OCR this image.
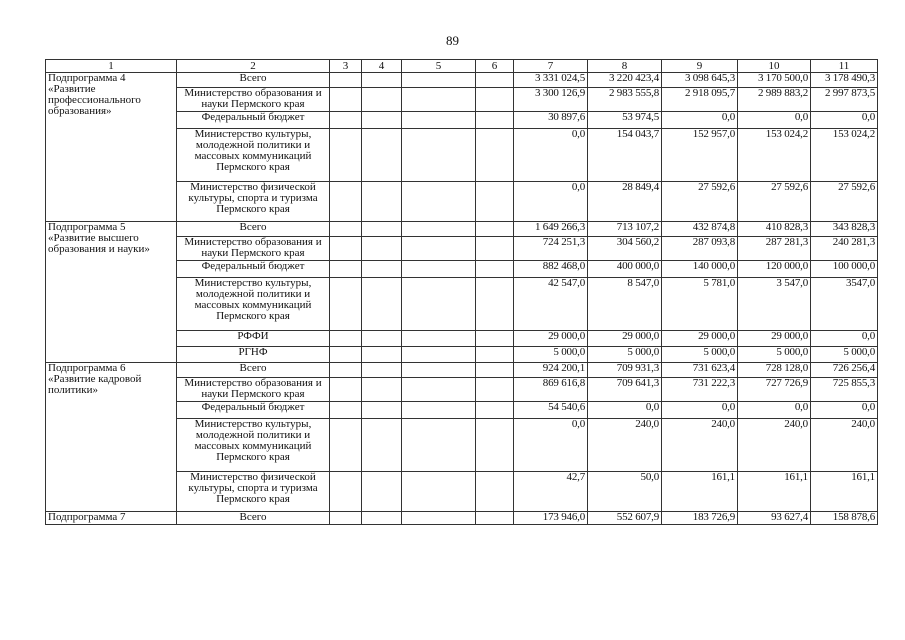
89
1	2	3	4	5	6	7	8	9	10	11
Подпрограмма 4 «Развитие профессионального образования»	Всего					3 331 024,5	3 220 423,4	3 098 645,3	3 170 500,0	3 178 490,3
	Министерство образования и науки Пермского края					3 300 126,9	2 983 555,8	2 918 095,7	2 989 883,2	2 997 873,5
	Федеральный бюджет					30 897,6	53 974,5	0,0	0,0	0,0
	Министерство культуры, молодежной политики и массовых коммуникаций Пермского края					0,0	154 043,7	152 957,0	153 024,2	153 024,2
	Министерство физической культуры, спорта и туризма Пермского края					0,0	28 849,4	27 592,6	27 592,6	27 592,6
Подпрограмма 5 «Развитие высшего образования и науки»	Всего					1 649 266,3	713 107,2	432 874,8	410 828,3	343 828,3
	Министерство образования и науки Пермского края					724 251,3	304 560,2	287 093,8	287 281,3	240 281,3
	Федеральный бюджет					882 468,0	400 000,0	140 000,0	120 000,0	100 000,0
	Министерство культуры, молодежной политики и массовых коммуникаций Пермского края					42 547,0	8 547,0	5 781,0	3 547,0	3547,0
	РФФИ					29 000,0	29 000,0	29 000,0	29 000,0	0,0
	РГНФ					5 000,0	5 000,0	5 000,0	5 000,0	5 000,0
Подпрограмма 6 «Развитие кадровой политики»	Всего					924 200,1	709 931,3	731 623,4	728 128,0	726 256,4
	Министерство образования и науки Пермского края					869 616,8	709 641,3	731 222,3	727 726,9	725 855,3
	Федеральный бюджет					54 540,6	0,0	0,0	0,0	0,0
	Министерство культуры, молодежной политики и массовых коммуникаций Пермского края					0,0	240,0	240,0	240,0	240,0
	Министерство физической культуры, спорта и туризма Пермского края					42,7	50,0	161,1	161,1	161,1
Подпрограмма 7	Всего					173 946,0	552 607,9	183 726,9	93 627,4	158 878,6
